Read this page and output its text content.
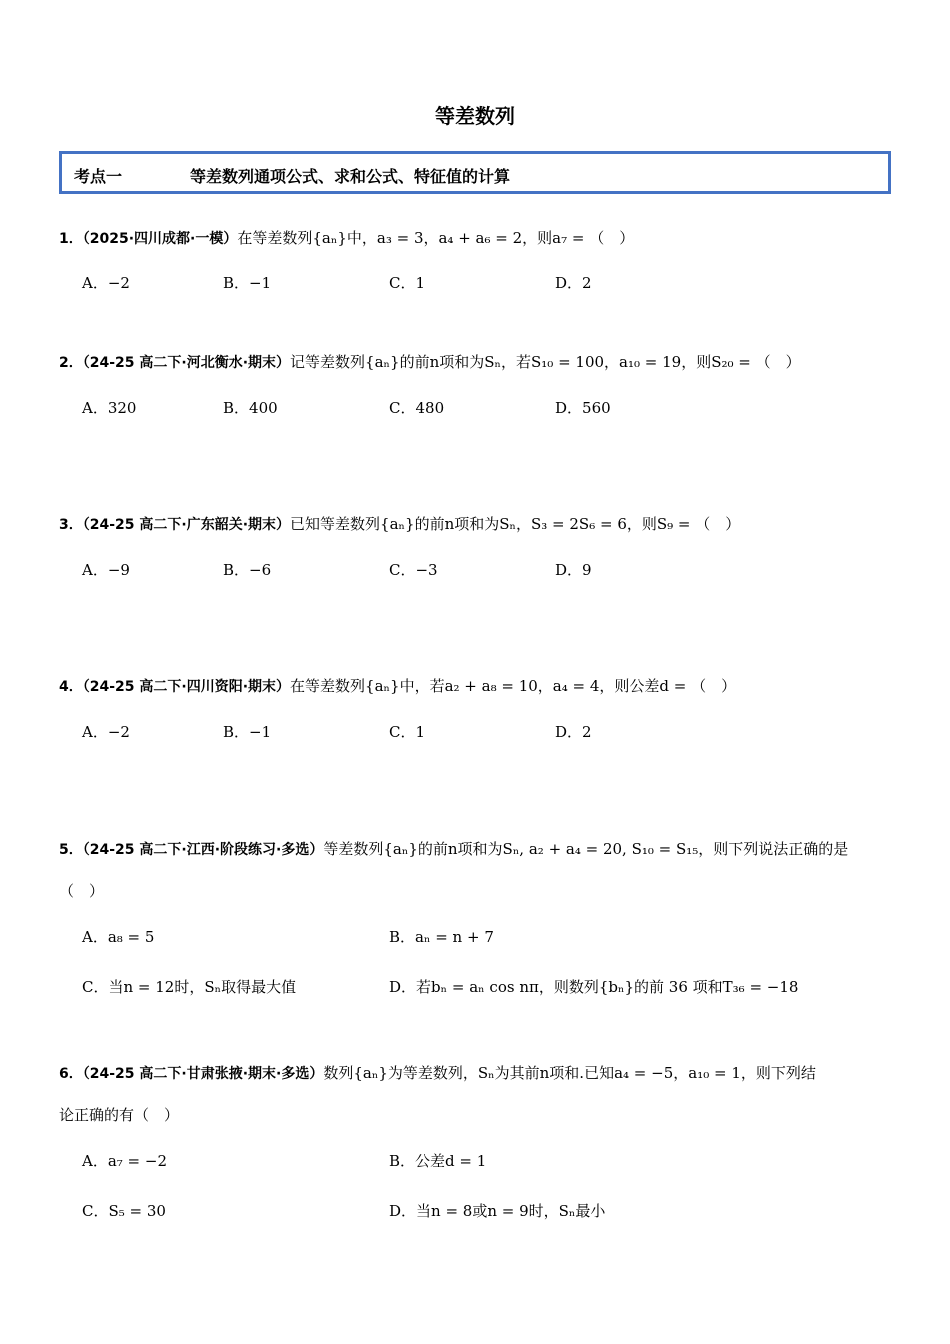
等差数列
考点一	等差数列通项公式、求和公式、特征值的计算
1．（2025·四川成都·一模）在等差数列{aₙ}中，a₃ = 3，a₄ + a₆ = 2，则a₇ = （　）
A．−2	B．−1	C．1	D．2
2．（24-25 高二下·河北衡水·期末）记等差数列{aₙ}的前n项和为Sₙ，若S₁₀ = 100，a₁₀ = 19，则S₂₀ = （　）
A．320	B．400	C．480	D．560
3．（24-25 高二下·广东韶关·期末）已知等差数列{aₙ}的前n项和为Sₙ，S₃ = 2S₆ = 6，则S₉ = （　）
A．−9	B．−6	C．−3	D．9
4．（24-25 高二下·四川资阳·期末）在等差数列{aₙ}中，若a₂ + a₈ = 10，a₄ = 4，则公差d = （　）
A．−2	B．−1	C．1	D．2
5．（24-25 高二下·江西·阶段练习·多选）等差数列{aₙ}的前n项和为Sₙ, a₂ + a₄ = 20, S₁₀ = S₁₅，则下列说法正确的是
（　）
A．a₈ = 5	B．aₙ = n + 7
C．当n = 12时，Sₙ取得最大值	D．若bₙ = aₙ cos nπ，则数列{bₙ}的前 36 项和T₃₆ = −18
6．（24-25 高二下·甘肃张掖·期末·多选）数列{aₙ}为等差数列，Sₙ为其前n项和.已知a₄ = −5，a₁₀ = 1，则下列结
论正确的有（　）
A．a₇ = −2	B．公差d = 1
C．S₅ = 30	D．当n = 8或n = 9时，Sₙ最小
